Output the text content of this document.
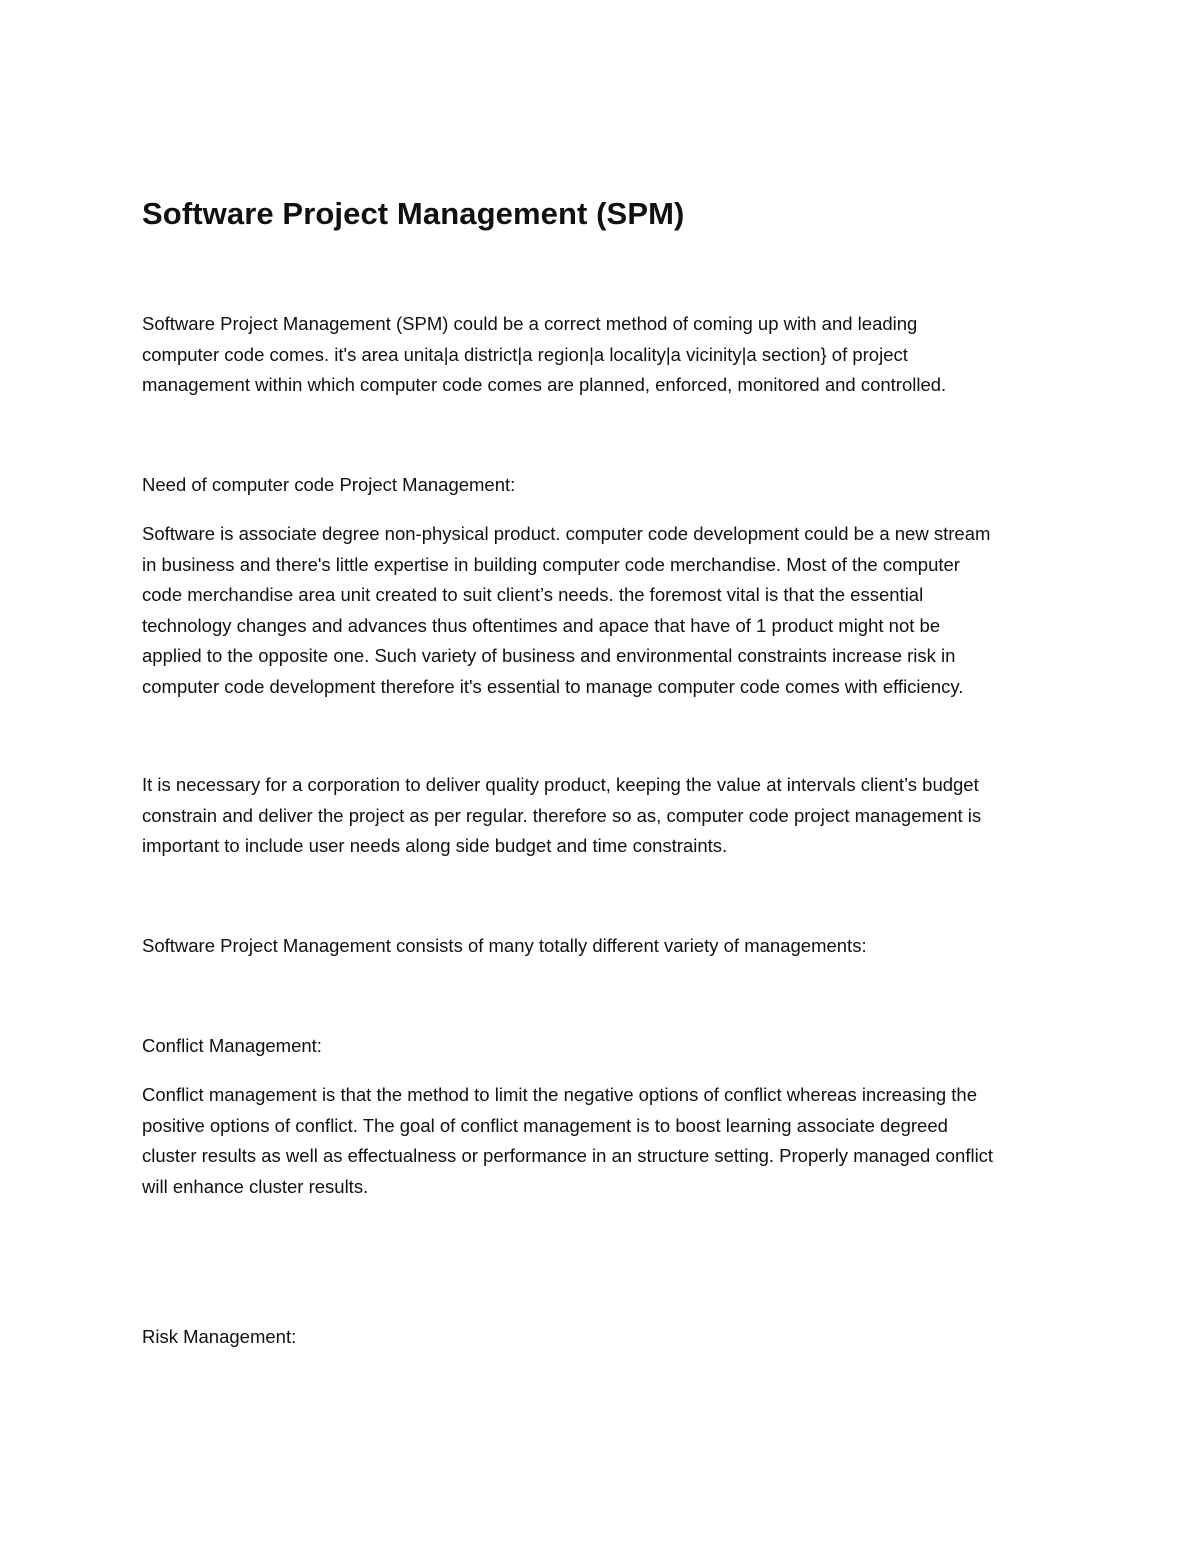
Software Project Management (SPM)

Software Project Management (SPM) could be a correct method of coming up with and leading
computer code comes. it's area unita|a district|a region|a locality|a vicinity|a section} of project
management within which computer code comes are planned, enforced, monitored and controlled.

Need of computer code Project Management:

Software is associate degree non-physical product. computer code development could be a new stream
in business and there's little expertise in building computer code merchandise. Most of the computer
code merchandise area unit created to suit client’s needs. the foremost vital is that the essential
technology changes and advances thus oftentimes and apace that have of 1 product might not be
applied to the opposite one. Such variety of business and environmental constraints increase risk in
computer code development therefore it's essential to manage computer code comes with efficiency.

It is necessary for a corporation to deliver quality product, keeping the value at intervals client’s budget
constrain and deliver the project as per regular. therefore so as, computer code project management is
important to include user needs along side budget and time constraints.

Software Project Management consists of many totally different variety of managements:

Conflict Management:

Conflict management is that the method to limit the negative options of conflict whereas increasing the
positive options of conflict. The goal of conflict management is to boost learning associate degreed
cluster results as well as effectualness or performance in an structure setting. Properly managed conflict
will enhance cluster results.

Risk Management:
